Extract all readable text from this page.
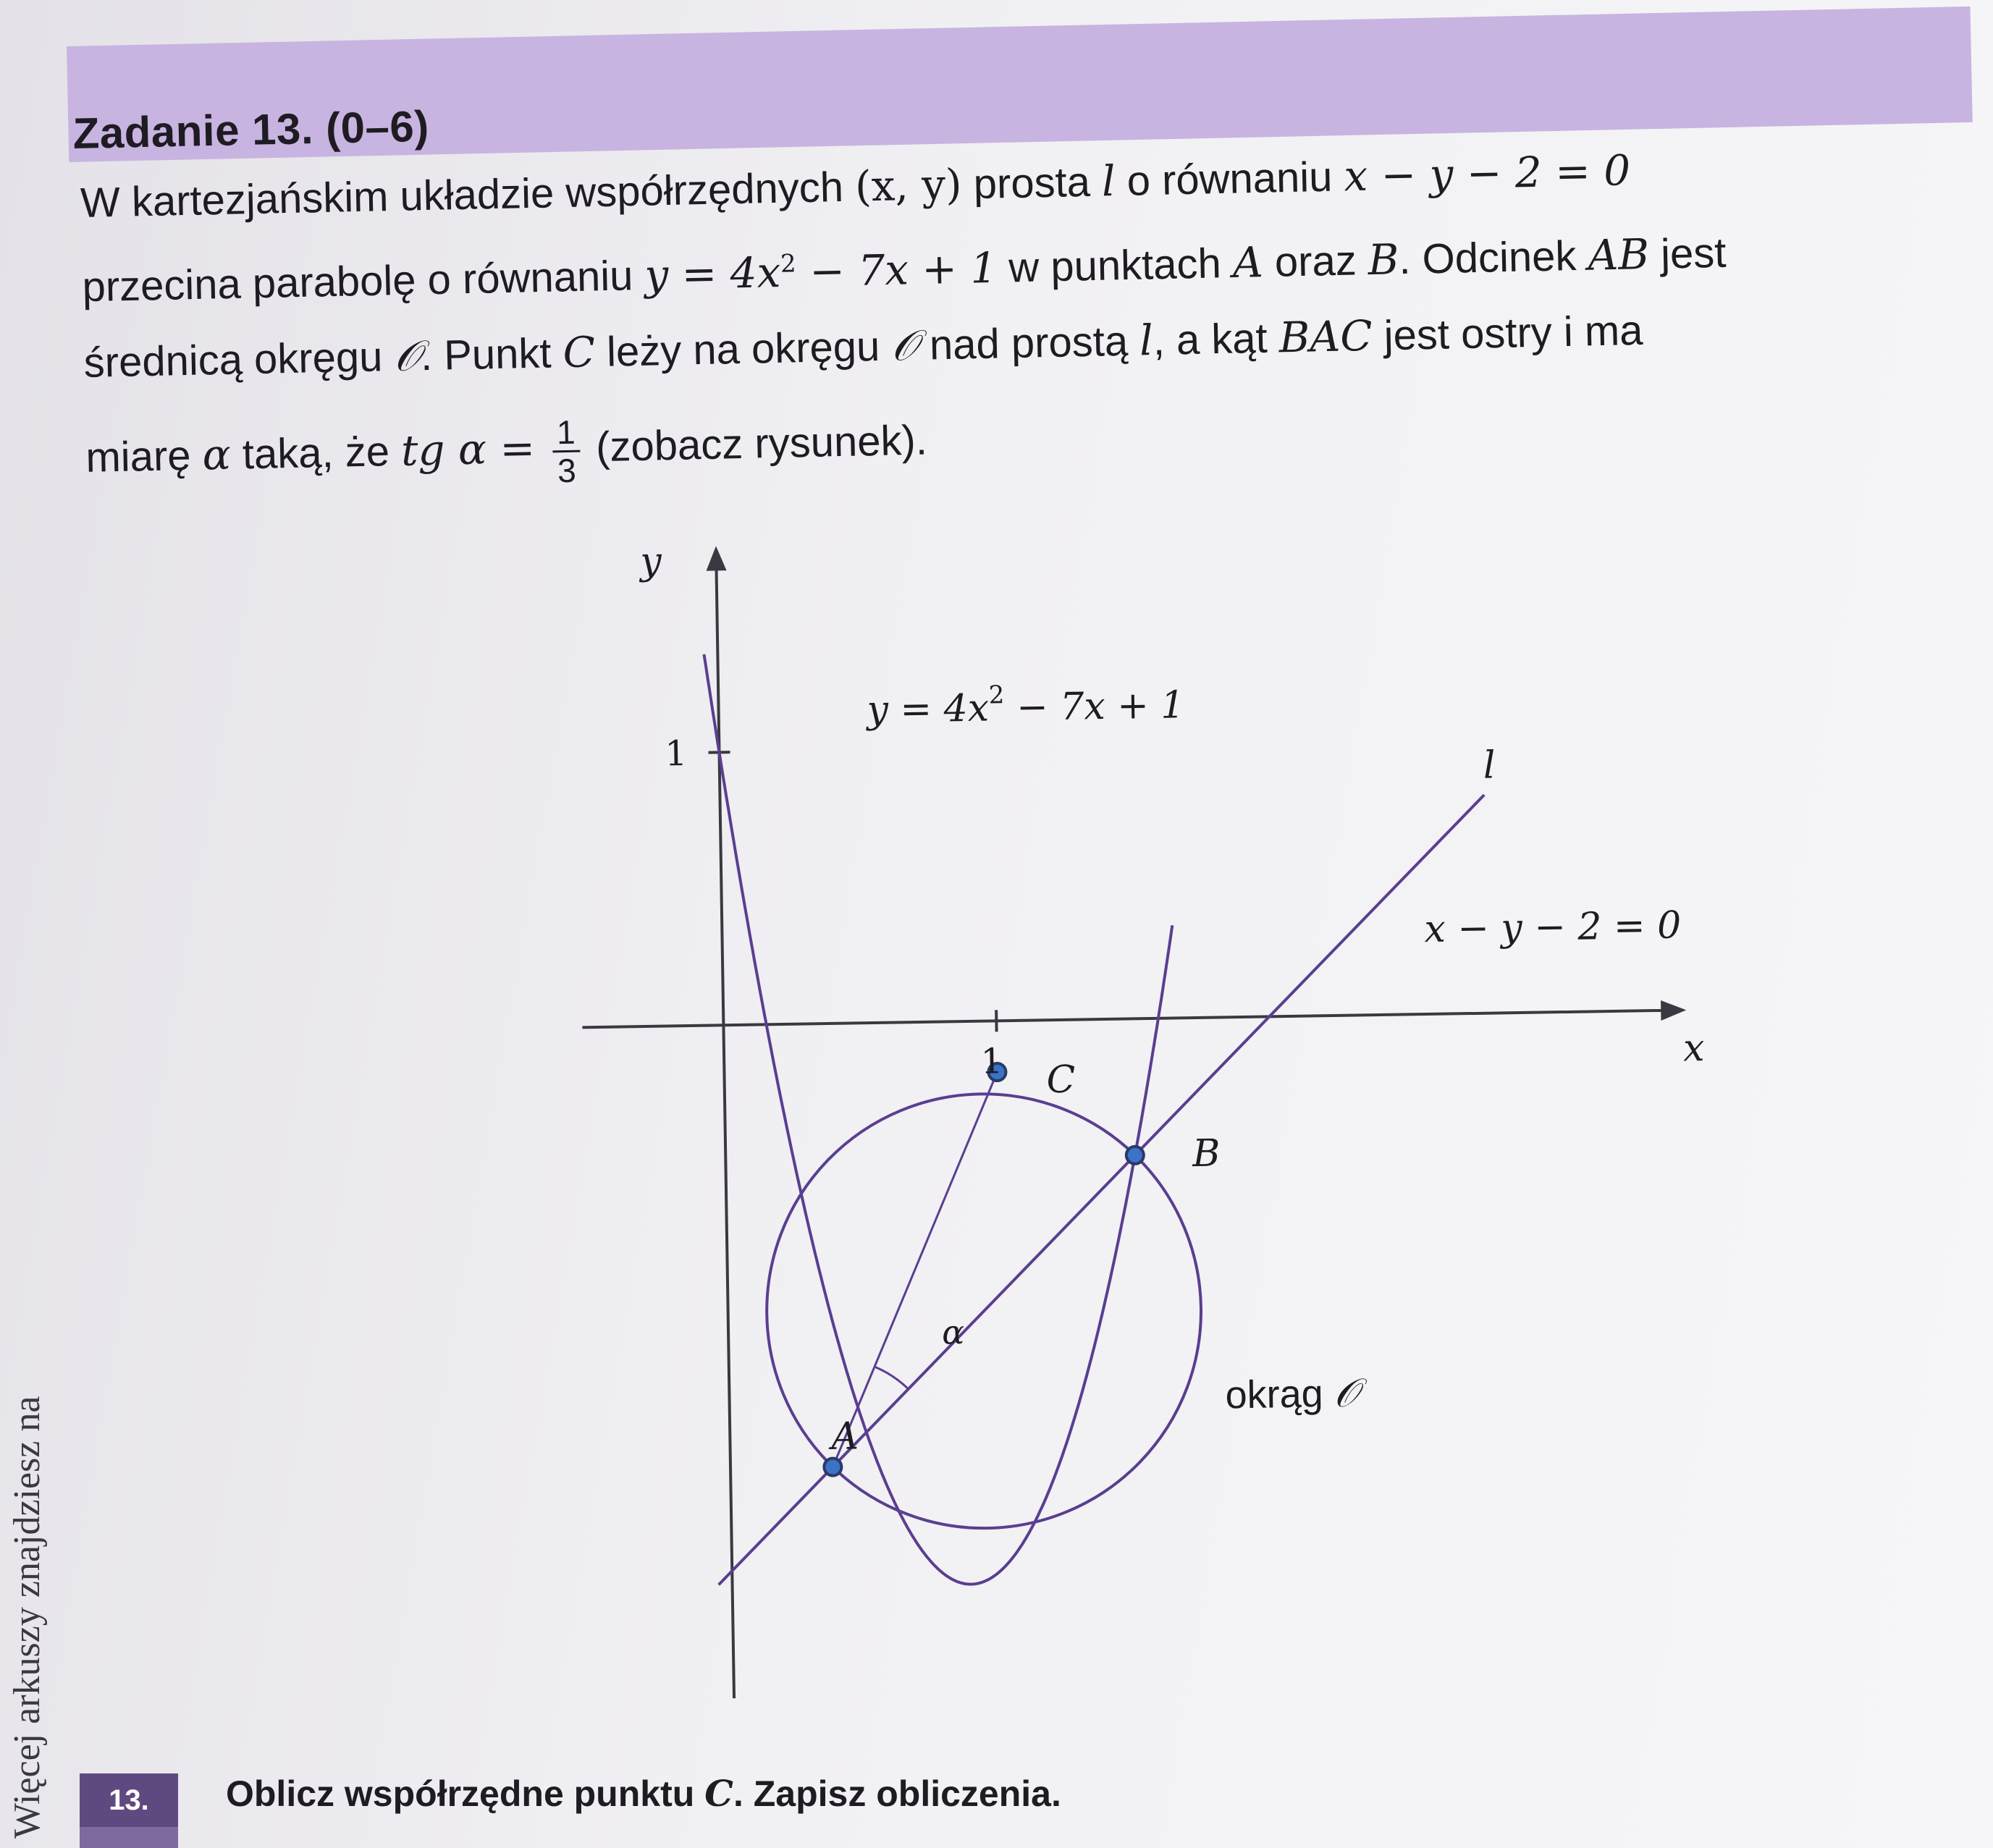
Zadanie 13. (0–6)

W kartezjańskim układzie współrzędnych (x, y) prosta l o równaniu x − y − 2 = 0

przecina parabolę o równaniu $y = 4x^2 - 7x + 1$ w punktach A oraz B. Odcinek AB jest

średnicą okręgu 𝒪. Punkt C leży na okręgu 𝒪 nad prostą l, a kąt BAC jest ostry i ma

miarę α taką, że tg $\alpha = \frac{1}{3}$ (zobacz rysunek).

y
x
l
x − y − 2 = 0
A
B
C
α
$y = 4x^2 - 7x + 1$
1
1
okrąg 𝒪
Więcej arkuszy znajdziesz na	13.	Oblicz współrzędne punktu C. Zapisz obliczenia.
